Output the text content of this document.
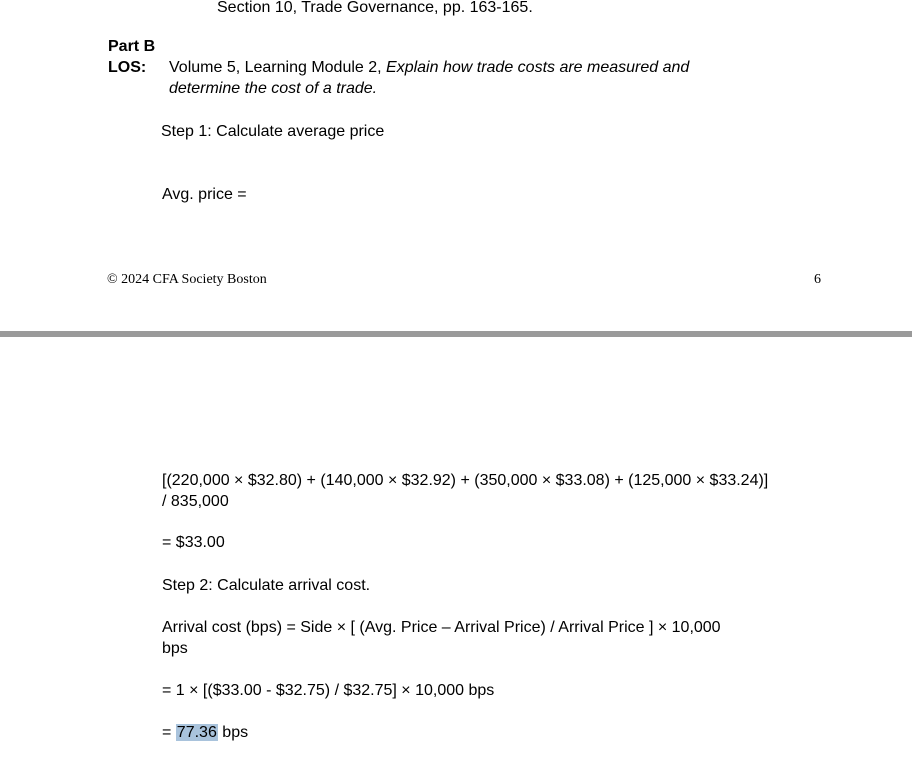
Section 10, Trade Governance, pp. 163-165.
Part B
LOS: Volume 5, Learning Module 2, Explain how trade costs are measured and
determine the cost of a trade.
Step 1: Calculate average price
Avg. price =
© 2024 CFA Society Boston	6
[(220,000 × $32.80) + (140,000 × $32.92) + (350,000 × $33.08) + (125,000 × $33.24)]
/ 835,000
= $33.00
Step 2: Calculate arrival cost.
Arrival cost (bps) = Side × [ (Avg. Price – Arrival Price) / Arrival Price ] × 10,000
bps
= 1 × [($33.00 - $32.75) / $32.75] × 10,000 bps
= 77.36 bps
